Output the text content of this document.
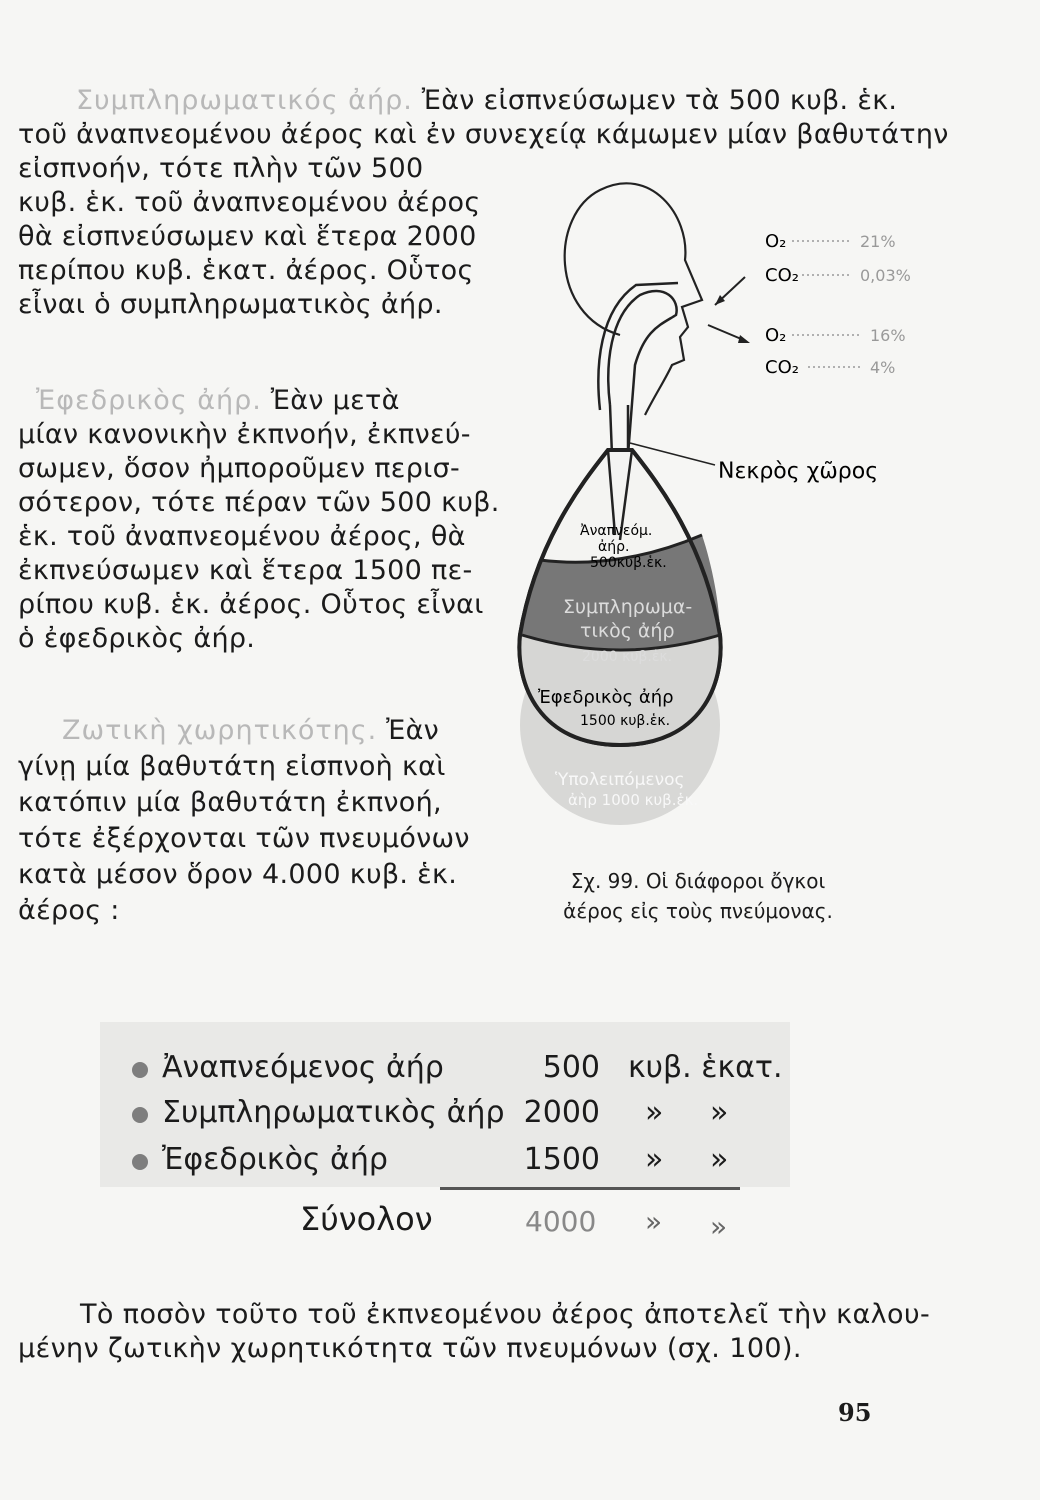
Συμπληρωματικός ἀήρ. Ἐὰν εἰσπνεύσωμεν τὰ 500 κυβ. ἑκ.
τοῦ ἀναπνεομένου ἀέρος καὶ ἐν συνεχείᾳ κάμωμεν μίαν βαθυτάτην
εἰσπνοήν, τότε πλὴν τῶν 500
κυβ. ἑκ. τοῦ ἀναπνεομένου ἀέρος
θὰ εἰσπνεύσωμεν καὶ ἕτερα 2000
περίπου κυβ. ἑκατ. ἀέρος. Οὗτος
εἶναι ὁ συμπληρωματικὸς ἀήρ.
Ἐφεδρικὸς ἀήρ. Ἐὰν μετὰ
μίαν κανονικὴν ἐκπνοήν, ἐκπνεύ-
σωμεν, ὅσον ἠμποροῦμεν περισ-
σότερον, τότε πέραν τῶν 500 κυβ.
ἑκ. τοῦ ἀναπνεομένου ἀέρος, θὰ
ἐκπνεύσωμεν καὶ ἕτερα 1500 πε-
ρίπου κυβ. ἑκ. ἀέρος. Οὗτος εἶναι
ὁ ἐφεδρικὸς ἀήρ.
Ζωτικὴ χωρητικότης. Ἐὰν
γίνῃ μία βαθυτάτη εἰσπνοὴ καὶ
κατόπιν μία βαθυτάτη ἐκπνοή,
τότε ἐξέρχονται τῶν πνευμόνων
κατὰ μέσον ὅρον 4.000 κυβ. ἑκ.
ἀέρος :
Ἀναπνεόμ.
ἀήρ.
500κυβ.ἑκ.
Συμπληρωμα-
τικὸς ἀήρ
2000 κυβ.ἑκ.
Ἐφεδρικὸς ἀήρ
1500 κυβ.ἑκ.
Ὑπολειπόμενος
ἀὴρ 1000 κυβ.ἑκ.
O₂	21%
CO₂	0,03%
O₂	16%
CO₂	4%
Νεκρὸς χῶρος
Σχ. 99. Οἱ διάφοροι ὄγκοι
ἀέρος εἰς τοὺς πνεύμονας.
Ἀναπνεόμενος ἀήρ	500 κυβ. ἑκατ.
Συμπληρωματικὸς ἀήρ 2000 » »
Ἐφεδρικὸς ἀήρ	1500 » »
Σύνολον	4000 » »
Τὸ ποσὸν τοῦτο τοῦ ἐκπνεομένου ἀέρος ἀποτελεῖ τὴν καλου-
μένην ζωτικὴν χωρητικότητα τῶν πνευμόνων (σχ. 100).
95
